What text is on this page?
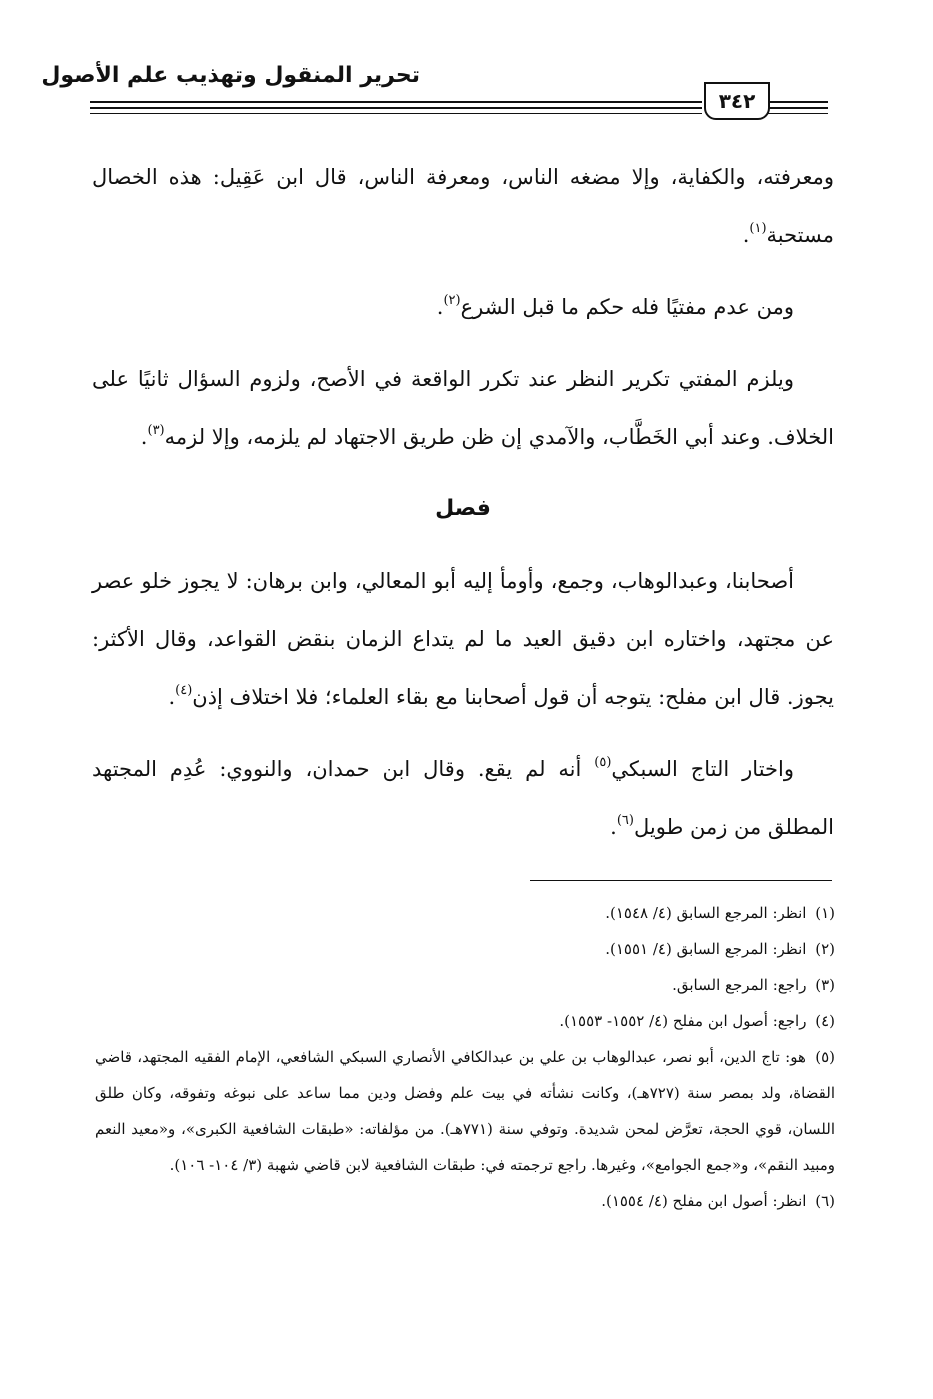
تحرير المنقول وتهذيب علم الأصول
٣٤٢

ومعرفته، والكفاية، وإلا مضغه الناس، ومعرفة الناس، قال ابن عَقِيل: هذه الخصال مستحبة$^{(١)}$.

ومن عدم مفتيًا فله حكم ما قبل الشرع$^{(٢)}$.

ويلزم المفتي تكرير النظر عند تكرر الواقعة في الأصح، ولزوم السؤال ثانيًا على الخلاف. وعند أبي الخَطَّاب، والآمدي إن ظن طريق الاجتهاد لم يلزمه، وإلا لزمه$^{(٣)}$.

فصل

أصحابنا، وعبدالوهاب، وجمع، وأومأ إليه أبو المعالي، وابن برهان: لا يجوز خلو عصر عن مجتهد، واختاره ابن دقيق العيد ما لم يتداع الزمان بنقض القواعد، وقال الأكثر: يجوز. قال ابن مفلح: يتوجه أن قول أصحابنا مع بقاء العلماء؛ فلا اختلاف إذن$^{(٤)}$.

واختار التاج السبكي$^{(٥)}$ أنه لم يقع. وقال ابن حمدان، والنووي: عُدِم المجتهد المطلق من زمن طويل$^{(٦)}$.

(١) انظر: المرجع السابق (٤/ ١٥٤٨).

(٢) انظر: المرجع السابق (٤/ ١٥٥١).

(٣) راجع: المرجع السابق.

(٤) راجع: أصول ابن مفلح (٤/ ١٥٥٢- ١٥٥٣).

(٥) هو: تاج الدين، أبو نصر، عبدالوهاب بن علي بن عبدالكافي الأنصاري السبكي الشافعي، الإمام الفقيه المجتهد، قاضي القضاة، ولد بمصر سنة (٧٢٧هـ)، وكانت نشأته في بيت علم وفضل ودين مما ساعد على نبوغه وتفوقه، وكان طلق اللسان، قوي الحجة، تعرَّض لمحن شديدة. وتوفي سنة (٧٧١هـ). من مؤلفاته: «طبقات الشافعية الكبرى»، و«معيد النعم ومبيد النقم»، و«جمع الجوامع»، وغيرها. راجع ترجمته في: طبقات الشافعية لابن قاضي شهبة (٣/ ١٠٤- ١٠٦).

(٦) انظر: أصول ابن مفلح (٤/ ١٥٥٤).
